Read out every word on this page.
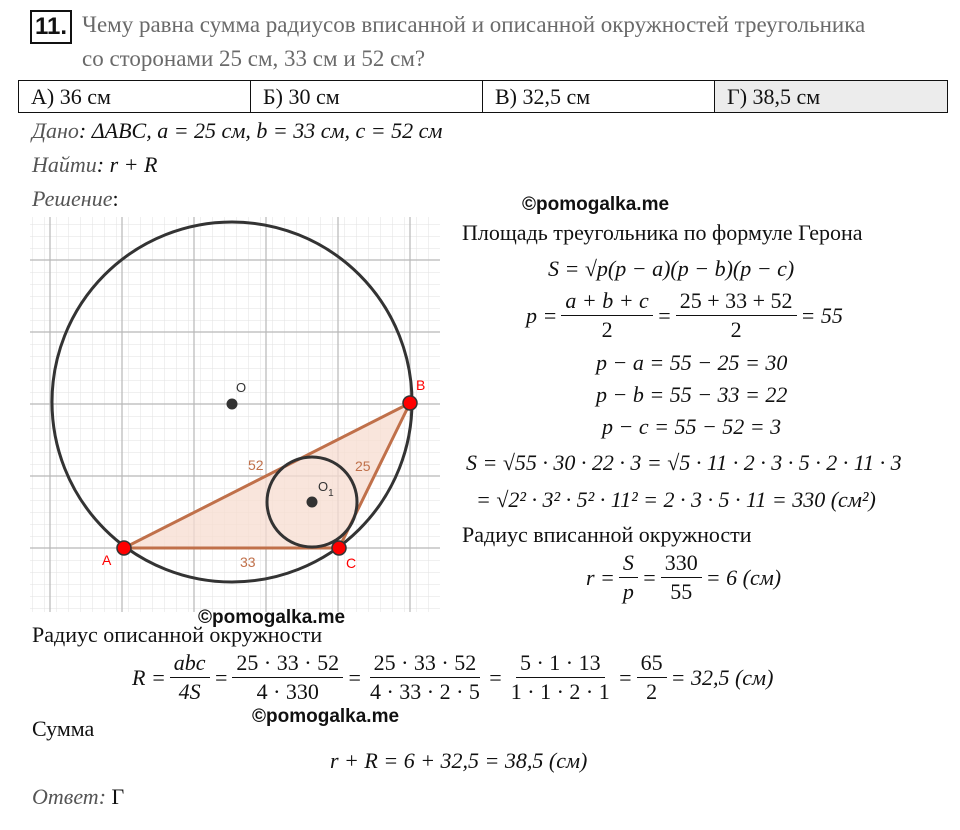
11. Чему равна сумма радиусов вписанной и описанной окружностей треугольника
со сторонами 25 см, 33 см и 52 см?
А) 36 см	Б) 30 см	В) 32,5 см	Г) 38,5 см
Дано: ΔABC, a = 25 см, b = 33 см, c = 52 см
Найти: r + R
Решение:
A
B
C
O
$O_1$
52	25
33
©pomogalka.me
©pomogalka.me
©pomogalka.me
Площадь треугольника по формуле Герона
S = √p(p − a)(p − b)(p − c)
$p = \frac{a + b + c}{2} = \frac{25 + 33 + 52}{2} = 55$
p − a = 55 − 25 = 30
p − b = 55 − 33 = 22
p − c = 55 − 52 = 3
S = √55 · 30 · 22 · 3 = √5 · 11 · 2 · 3 · 5 · 2 · 11 · 3
= √2² · 3² · 5² · 11² = 2 · 3 · 5 · 11 = 330 (см²)
Радиус вписанной окружности
$r = \frac{S}{p} = \frac{330}{55} = 6$ (см)
Радиус описанной окружности
$R = \frac{\text{abc}}{4S} = \frac{25 \cdot 33 \cdot 52}{4 \cdot 330} = \frac{25 \cdot 33 \cdot 52}{4 \cdot 33 \cdot 2 \cdot 5} = \frac{5 \cdot 1 \cdot 13}{1 \cdot 1 \cdot 2 \cdot 1} = \frac{65}{2} = 32,5$ (см)
Сумма
r + R = 6 + 32,5 = 38,5 (см)
Ответ: Г
